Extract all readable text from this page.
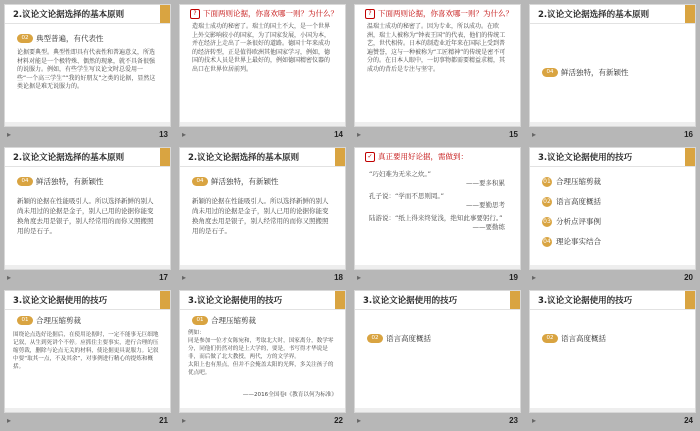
2.议论文论据选择的基本原则
02	典型普遍，有代表性
论据要典型。典型性即具有代表性和普遍意义，所选材料对能是一个极特殊、偶然的现象，就不具备很强的说服力。例如，有些学生写议论文时总爱用一些“一个高三学生”“我的好朋友”之类的论据，显然这类论据是难无说服力的。
▸	13
? 下面两则论据，你喜欢哪一则？为什么？
造瑞士成功的秘密了。瑞士的国土不大，是一个世界上外交影响较小的国家，为了国家发展，小国为本，并在经济上走出了一条很好的道路。德国十年来成功的经济转型，正是值得欧洲其他国家学习，例如，德国的技术人员是世界上最好的，例如德国精密仪器的出口在世界位居前列。
▸	14
? 下面两则论据，你喜欢哪一则？为什么？
温瑞士成功的秘密了。因为专业，所以成功。在欧洲，瑞士人被称为“钟表王国”的代表，他们的传统工艺，世代相传。日本的制造业近年来在国际上受到普遍赞誉，这与一种被称为“工匠精神”的传统是密不可分的。在日本人眼中，一切事物都需要精益求精，其成功的背后是专注与坚守。
▸	15
2.议论文论据选择的基本原则
04	鲜活独特，有新颖性
▸	16
2.议论文论据选择的基本原则
04	鲜活独特，有新颖性
新颖的论据在性能吸引人。所以选择新鲜的别人尚未用过的论据是金子，别人已用的论据你能变换角度去用是银子，别人经常用的而你又照搬照用的是石子。
▸	17
2.议论文论据选择的基本原则
04	鲜活独特，有新颖性
新颖的论据在性能吸引人。所以选择新鲜的别人尚未用过的论据是金子，别人已用的论据你能变换角度去用是银子，别人经常用的而你又照搬照用的是石子。
▸	18
✓ 真正要用好论据，需做到：
“巧妇难为无米之炊。”
——要多积累
孔子说：“学而不思则罔。”
——要勤思考
陆游说：“纸上得来终觉浅，绝知此事要躬行。”
——要勤练
▸	19
3.议论文论据使用的技巧
01 合理压缩剪裁
02 语言高度概括
03 分析点评事例
04 理论事实结合
▸	20
3.议论文论据使用的技巧
01	合理压缩剪裁
围绕论点选好论据后，在使用论据时，一定不能事无巨细地记叙，从生到死讲个不停。应抓住主要事实，进行合理的压缩剪裁，删除与论点无关的材料，使论据更具说服力。记叙中要“取其一点，不及其余”，对事例进行精心的提炼和概括。
▸	21
3.议论文论据使用的技巧
01	合理压缩剪裁
例如：
同是参加一位才女陈宛和，考取北大时，国家离分，数学零分，同他们仍然对的是上大学的，要是，书写得才华说是非，而后做了北大教授，两代，方的文学界。
太阳上也有黑点，但并不会掩盖太阳的光辉，多关注孩子的优点吧。
——2016全国卷Ⅰ《教育以何为标准》
▸	22
3.议论文论据使用的技巧
02	语言高度概括
▸	23
3.议论文论据使用的技巧
02	语言高度概括
▸	24
